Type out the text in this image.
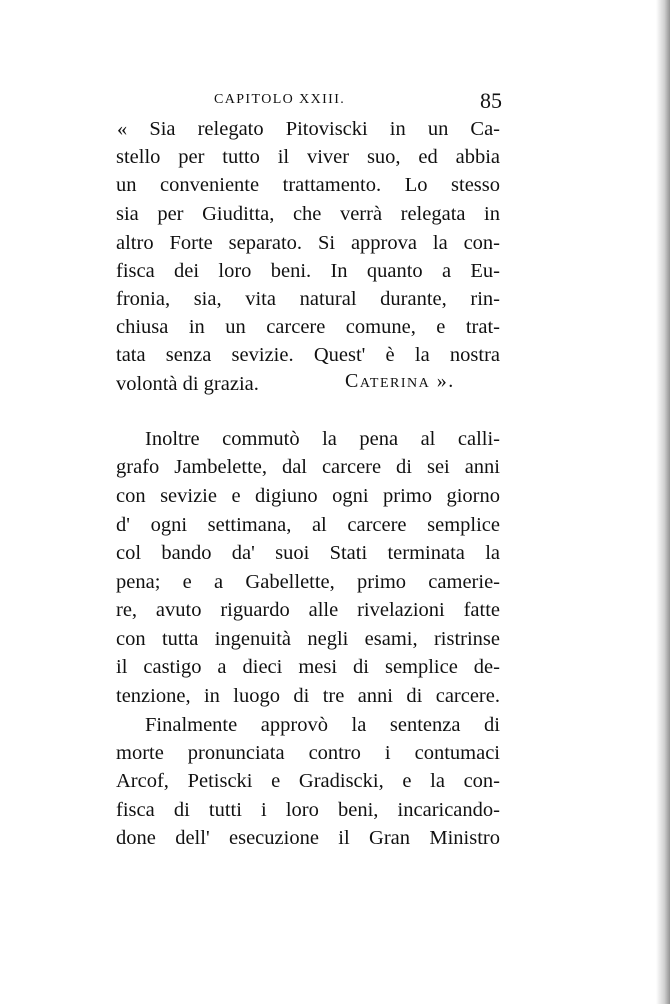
CAPITOLO XXIII.	85
« Sia relegato Pitoviscki in un Ca-
stello per tutto il viver suo, ed abbia
un conveniente trattamento. Lo stesso
sia per Giuditta, che verrà relegata in
altro Forte separato. Si approva la con-
fisca dei loro beni. In quanto a Eu-
fronia, sia, vita natural durante, rin-
chiusa in un carcere comune, e trat-
tata senza sevizie. Quest' è la nostra
volontà di grazia.	Caterina ».
Inoltre commutò la pena al calli-
grafo Jambelette, dal carcere di sei anni
con sevizie e digiuno ogni primo giorno
d' ogni settimana, al carcere semplice
col bando da' suoi Stati terminata la
pena; e a Gabellette, primo camerie-
re, avuto riguardo alle rivelazioni fatte
con tutta ingenuità negli esami, ristrinse
il castigo a dieci mesi di semplice de-
tenzione, in luogo di tre anni di carcere.
Finalmente approvò la sentenza di
morte pronunciata contro i contumaci
Arcof, Petiscki e Gradiscki, e la con-
fisca di tutti i loro beni, incaricando-
done dell' esecuzione il Gran Ministro
